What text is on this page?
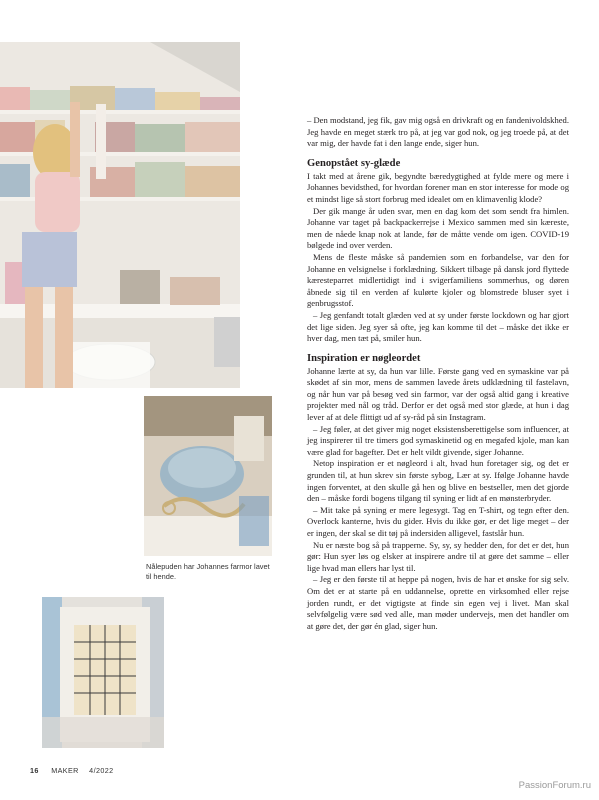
Nålepuden har Johannes farmor lavet til hende.

– Den modstand, jeg fik, gav mig også en drivkraft og en fandenivoldskhed. Jeg havde en meget stærk tro på, at jeg var god nok, og jeg troede på, at det var mig, der havde fat i den lange ende, siger hun.

Genopstået sy-glæde

I takt med at årene gik, begyndte bæredygtighed at fylde mere og mere i Johannes bevidsthed, for hvordan forener man en stor interesse for mode og et mindst lige så stort forbrug med idealet om en klimavenlig klode?

Der gik mange år uden svar, men en dag kom det som sendt fra himlen. Johanne var taget på backpackerrejse i Mexico sammen med sin kæreste, men de nåede knap nok at lande, før de måtte vende om igen. COVID-19 bølgede ind over verden.

Mens de fleste måske så pandemien som en forbandelse, var den for Johanne en velsignelse i forklædning. Sikkert tilbage på dansk jord flyttede kæresteparret midlertidigt ind i svigerfamiliens sommerhus, og døren åbnede sig til en verden af kulørte kjoler og blomstrede bluser syet i genbrugsstof.

– Jeg genfandt totalt glæden ved at sy under første lockdown og har gjort det lige siden. Jeg syer så ofte, jeg kan komme til det – måske det ikke er hver dag, men tæt på, smiler hun.

Inspiration er nøgleordet

Johanne lærte at sy, da hun var lille. Første gang ved en symaskine var på skødet af sin mor, mens de sammen lavede årets udklædning til fastelavn, og når hun var på besøg ved sin farmor, var der også altid gang i kreative projekter med nål og tråd. Derfor er det også med stor glæde, at hun i dag lever af at dele flittigt ud af sy-råd på sin Instagram.

– Jeg føler, at det giver mig noget eksistensberettigelse som influencer, at jeg inspirerer til tre timers god symaskinetid og en megafed kjole, man kan være glad for bagefter. Det er helt vildt givende, siger Johanne.

Netop inspiration er et nøgleord i alt, hvad hun foretager sig, og det er grunden til, at hun skrev sin første sybog, Lær at sy. Ifølge Johanne havde ingen forventet, at den skulle gå hen og blive en bestseller, men det gjorde den – måske fordi bogens tilgang til syning er lidt af en mønsterbryder.

– Mit take på syning er mere legesygt. Tag en T-shirt, og tegn efter den. Overlock kanterne, hvis du gider. Hvis du ikke gør, er det lige meget – der er ingen, der skal se dit tøj på indersiden alligevel, fastslår hun.

Nu er næste bog så på trapperne. Sy, sy, sy hedder den, for det er det, hun gør: Hun syer løs og elsker at inspirere andre til at gøre det samme – eller lige hvad man ellers har lyst til.

– Jeg er den første til at heppe på nogen, hvis de har et ønske for sig selv. Om det er at starte på en uddannelse, oprette en virksomhed eller rejse jorden rundt, er det vigtigste at finde sin egen vej i livet. Man skal selvfølgelig være sød ved alle, man møder undervejs, men det handler om at gøre det, der gør én glad, siger hun.

16 MAKER 4/2022
PassionForum.ru
